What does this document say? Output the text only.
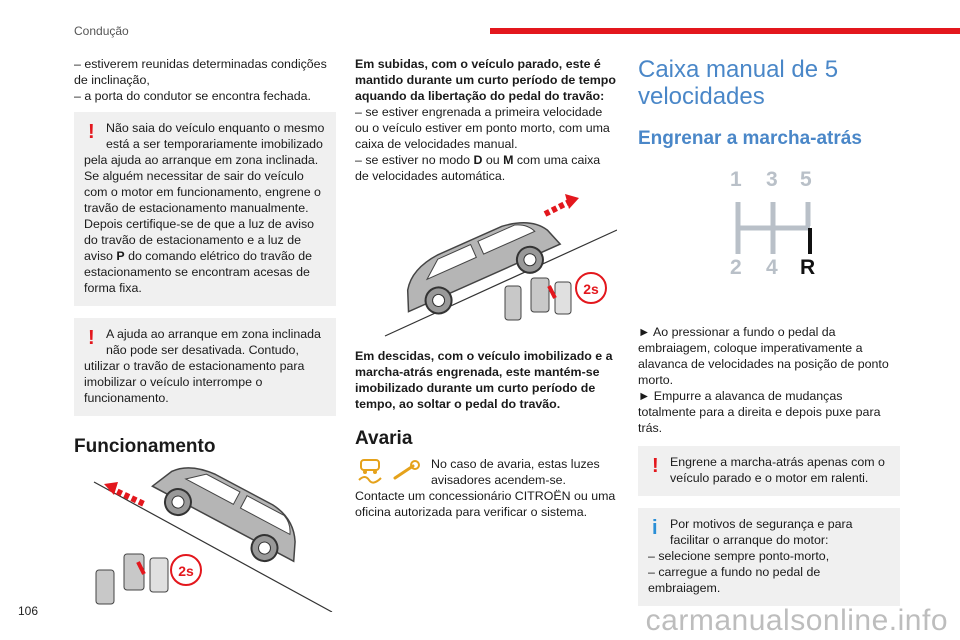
Condução

– estiverem reunidas determinadas condições de inclinação,

– a porta do condutor se encontra fechada.

! Não saia do veículo enquanto o mesmo está a ser temporariamente imobilizado
pela ajuda ao arranque em zona inclinada. Se alguém necessitar de sair do veículo com o motor em funcionamento, engrene o travão de estacionamento manualmente. Depois certifique-se de que a luz de aviso do travão de estacionamento e a luz de aviso P do comando elétrico do travão de estacionamento se encontram acesas de forma fixa.
! A ajuda ao arranque em zona inclinada não pode ser desativada. Contudo,
utilizar o travão de estacionamento para imobilizar o veículo interrompe o funcionamento.
Funcionamento
2s

Em subidas, com o veículo parado, este é mantido durante um curto período de tempo aquando da libertação do pedal do travão:

– se estiver engrenada a primeira velocidade ou o veículo estiver em ponto morto, com uma caixa de velocidades manual.

– se estiver no modo D ou M com uma caixa de velocidades automática.

2s

Em descidas, com o veículo imobilizado e a marcha-atrás engrenada, este mantém-se imobilizado durante um curto período de tempo, ao soltar o pedal do travão.

Avaria

No caso de avaria, estas luzes avisadores acendem-se.

Contacte um concessionário CITROËN ou uma oficina autorizada para verificar o sistema.

Caixa manual de 5 velocidades
Engrenar a marcha-atrás
1 3 5
2 4 R

► Ao pressionar a fundo o pedal da embraiagem, coloque imperativamente a alavanca de velocidades na posição de ponto morto.

► Empurre a alavanca de mudanças totalmente para a direita e depois puxe para trás.

! Engrene a marcha-atrás apenas com o veículo parado e o motor em ralenti.
i	Por motivos de segurança e para facilitar o arranque do motor:
– selecione sempre ponto-morto,
– carregue a fundo no pedal de embraiagem.
106	carmanualsonline.info
